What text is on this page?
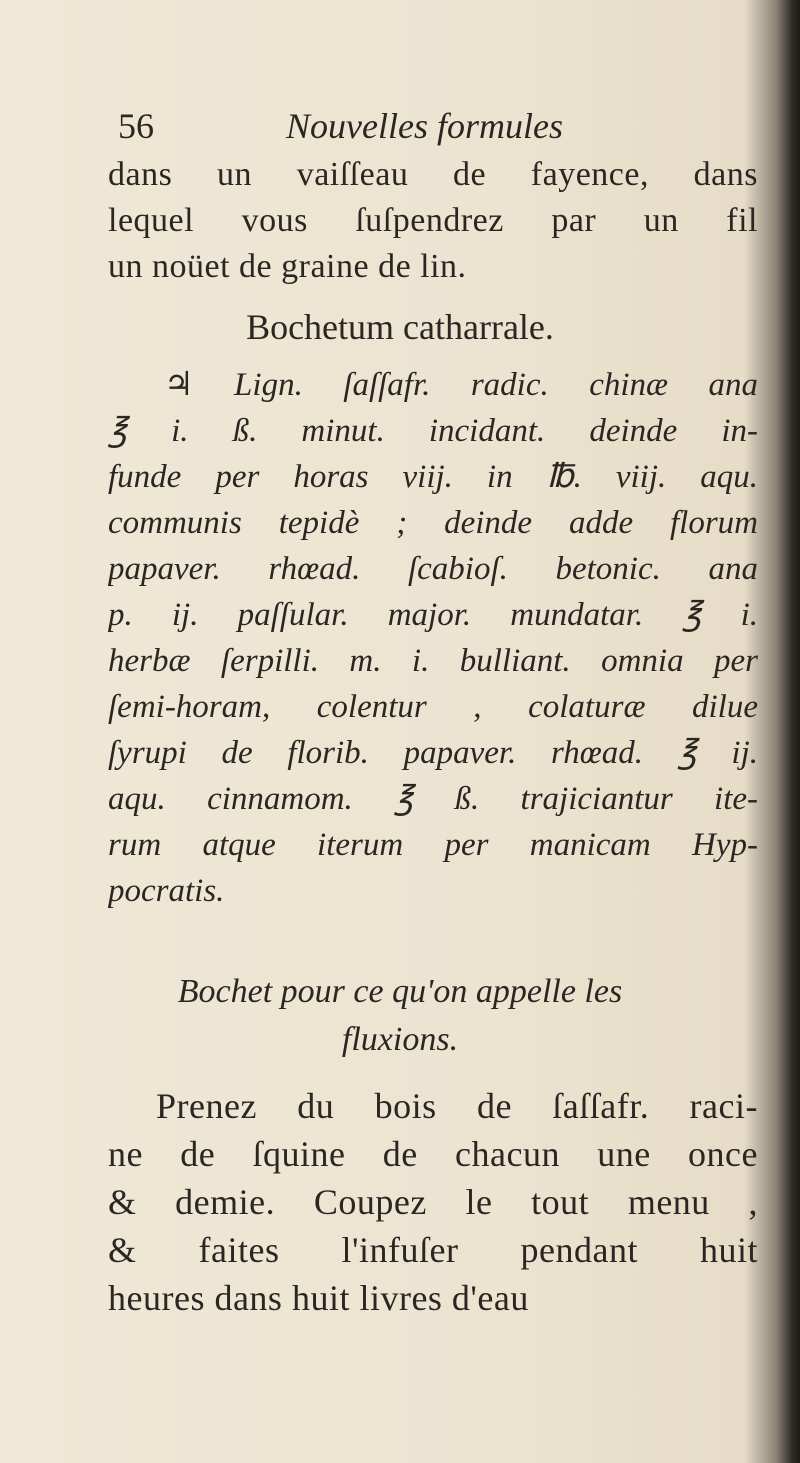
56	Nouvelles formules
dans un vaiſſeau de fayence, dans
lequel vous ſuſpendrez par un fil
un noüet de graine de lin.
Bochetum catharrale.
♃ Lign. ſaſſafr. radic. chinæ ana
℥ i. ß. minut. incidant. deinde in-
funde per horas viij. in ℔. viij. aqu.
communis tepidè ; deinde adde florum
papaver. rhœad. ſcabioſ. betonic. ana
p. ij. paſſular. major. mundatar. ℥ i.
herbæ ſerpilli. m. i. bulliant. omnia per
ſemi-horam, colentur , colaturæ dilue
ſyrupi de florib. papaver. rhœad. ℥ ij.
aqu. cinnamom. ℥ ß. trajiciantur ite-
rum atque iterum per manicam Hyp-
pocratis.
Bochet pour ce qu'on appelle les
fluxions.
Prenez du bois de ſaſſafr. raci-
ne de ſquine de chacun une once
& demie. Coupez le tout menu ,
& faites l'infuſer pendant huit
heures dans huit livres d'eau
